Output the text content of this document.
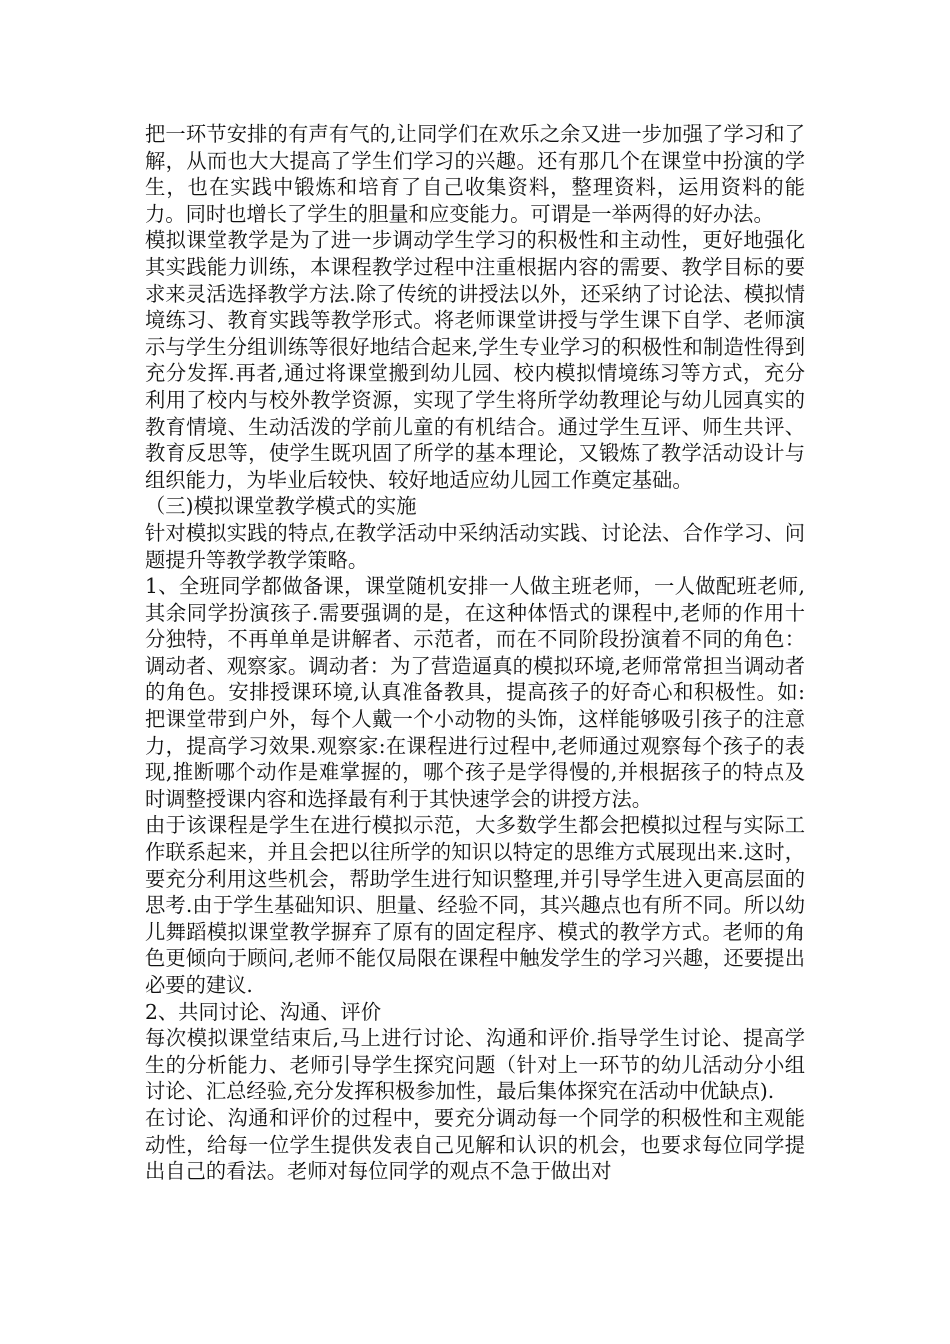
把一环节安排的有声有气的,让同学们在欢乐之余又进一步加强了学习和了解，从而也大大提高了学生们学习的兴趣。还有那几个在课堂中扮演的学生，也在实践中锻炼和培育了自己收集资料，整理资料，运用资料的能力。同时也增长了学生的胆量和应变能力。可谓是一举两得的好办法。

模拟课堂教学是为了进一步调动学生学习的积极性和主动性，更好地强化其实践能力训练，本课程教学过程中注重根据内容的需要、教学目标的要求来灵活选择教学方法.除了传统的讲授法以外，还采纳了讨论法、模拟情境练习、教育实践等教学形式。将老师课堂讲授与学生课下自学、老师演示与学生分组训练等很好地结合起来,学生专业学习的积极性和制造性得到充分发挥.再者,通过将课堂搬到幼儿园、校内模拟情境练习等方式，充分利用了校内与校外教学资源，实现了学生将所学幼教理论与幼儿园真实的教育情境、生动活泼的学前儿童的有机结合。通过学生互评、师生共评、教育反思等，使学生既巩固了所学的基本理论，又锻炼了教学活动设计与组织能力，为毕业后较快、较好地适应幼儿园工作奠定基础。

（三)模拟课堂教学模式的实施

针对模拟实践的特点,在教学活动中采纳活动实践、讨论法、合作学习、问题提升等教学教学策略。

1、全班同学都做备课，课堂随机安排一人做主班老师，一人做配班老师,其余同学扮演孩子.需要强调的是，在这种体悟式的课程中,老师的作用十分独特，不再单单是讲解者、示范者，而在不同阶段扮演着不同的角色：调动者、观察家。调动者：为了营造逼真的模拟环境,老师常常担当调动者的角色。安排授课环境,认真准备教具，提高孩子的好奇心和积极性。如:把课堂带到户外，每个人戴一个小动物的头饰，这样能够吸引孩子的注意力，提高学习效果.观察家:在课程进行过程中,老师通过观察每个孩子的表现,推断哪个动作是难掌握的，哪个孩子是学得慢的,并根据孩子的特点及时调整授课内容和选择最有利于其快速学会的讲授方法。

由于该课程是学生在进行模拟示范，大多数学生都会把模拟过程与实际工作联系起来，并且会把以往所学的知识以特定的思维方式展现出来.这时，要充分利用这些机会，帮助学生进行知识整理,并引导学生进入更高层面的思考.由于学生基础知识、胆量、经验不同，其兴趣点也有所不同。所以幼儿舞蹈模拟课堂教学摒弃了原有的固定程序、模式的教学方式。老师的角色更倾向于顾问,老师不能仅局限在课程中触发学生的学习兴趣，还要提出必要的建议.

2、共同讨论、沟通、评价

每次模拟课堂结束后,马上进行讨论、沟通和评价.指导学生讨论、提高学生的分析能力、老师引导学生探究问题（针对上一环节的幼儿活动分小组讨论、汇总经验,充分发挥积极参加性，最后集体探究在活动中优缺点).

在讨论、沟通和评价的过程中，要充分调动每一个同学的积极性和主观能动性，给每一位学生提供发表自己见解和认识的机会，也要求每位同学提出自己的看法。老师对每位同学的观点不急于做出对
